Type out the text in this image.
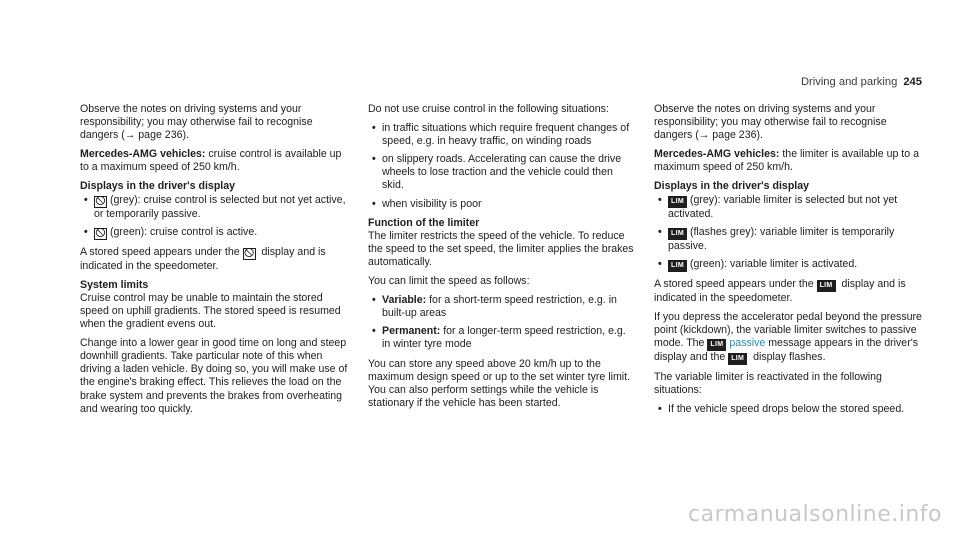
Driving and parking 245

Observe the notes on driving systems and your responsibility; you may otherwise fail to recognise dangers (→ page 236).

Mercedes-AMG vehicles: cruise control is available up to a maximum speed of 250 km/h.

Displays in the driver's display

• 🛇 (grey): cruise control is selected but not yet active, or temporarily passive.
• 🛇 (green): cruise control is active.

A stored speed appears under the 🛇 display and is indicated in the speedometer.

System limits

Cruise control may be unable to maintain the stored speed on uphill gradients. The stored speed is resumed when the gradient evens out.

Change into a lower gear in good time on long and steep downhill gradients. Take particular note of this when driving a laden vehicle. By doing so, you will make use of the engine's braking effect. This relieves the load on the brake system and prevents the brakes from overheating and wearing too quickly.

Do not use cruise control in the following situations:

• in traffic situations which require frequent changes of speed, e.g. in heavy traffic, on winding roads
• on slippery roads. Accelerating can cause the drive wheels to lose traction and the vehicle could then skid.
• when visibility is poor

Function of the limiter

The limiter restricts the speed of the vehicle. To reduce the speed to the set speed, the limiter applies the brakes automatically.

You can limit the speed as follows:

• Variable: for a short-term speed restriction, e.g. in built-up areas
• Permanent: for a longer-term speed restriction, e.g. in winter tyre mode

You can store any speed above 20 km/h up to the maximum design speed or up to the set winter tyre limit. You can also perform settings while the vehicle is stationary if the vehicle has been started.

Observe the notes on driving systems and your responsibility; you may otherwise fail to recognise dangers (→ page 236).

Mercedes-AMG vehicles: the limiter is available up to a maximum speed of 250 km/h.

Displays in the driver's display

• LIM (grey): variable limiter is selected but not yet activated.
• LIM (flashes grey): variable limiter is temporarily passive.
• LIM (green): variable limiter is activated.

A stored speed appears under the LIM display and is indicated in the speedometer.

If you depress the accelerator pedal beyond the pressure point (kickdown), the variable limiter switches to passive mode. The LIM passive message appears in the driver's display and the LIM display flashes.

The variable limiter is reactivated in the following situations:

• If the vehicle speed drops below the stored speed.
carmanualsonline.info
